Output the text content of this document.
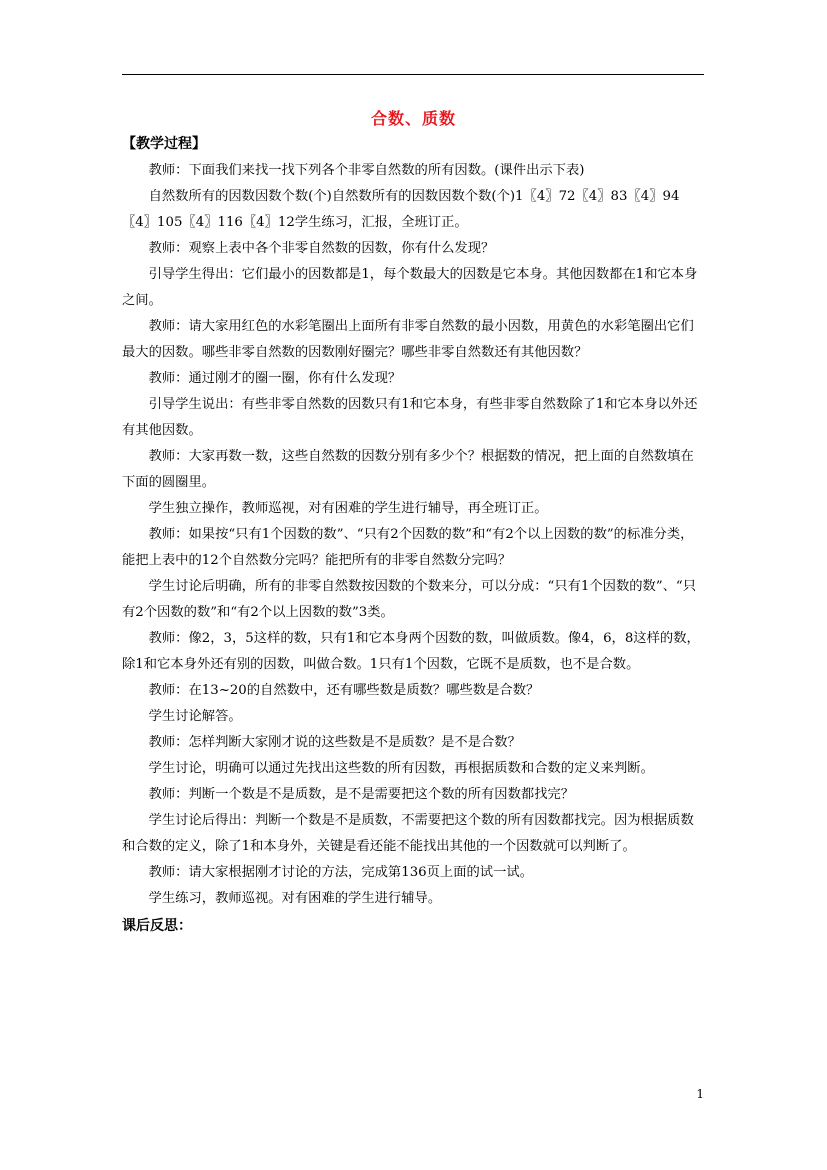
合数、质数
【教学过程】

教师：下面我们来找一找下列各个非零自然数的所有因数。(课件出示下表)

自然数所有的因数因数个数(个)自然数所有的因数因数个数(个)1〖4〗72〖4〗83〖4〗94〖4〗105〖4〗116〖4〗12学生练习，汇报，全班订正。

教师：观察上表中各个非零自然数的因数，你有什么发现？

引导学生得出：它们最小的因数都是1，每个数最大的因数是它本身。其他因数都在1和它本身之间。

教师：请大家用红色的水彩笔圈出上面所有非零自然数的最小因数，用黄色的水彩笔圈出它们最大的因数。哪些非零自然数的因数刚好圈完？哪些非零自然数还有其他因数？

教师：通过刚才的圈一圈，你有什么发现？

引导学生说出：有些非零自然数的因数只有1和它本身，有些非零自然数除了1和它本身以外还有其他因数。

教师：大家再数一数，这些自然数的因数分别有多少个？根据数的情况，把上面的自然数填在下面的圆圈里。

学生独立操作，教师巡视，对有困难的学生进行辅导，再全班订正。

教师：如果按“只有1个因数的数”、“只有2个因数的数”和“有2个以上因数的数”的标准分类，能把上表中的12个自然数分完吗？能把所有的非零自然数分完吗？

学生讨论后明确，所有的非零自然数按因数的个数来分，可以分成：“只有1个因数的数”、“只有2个因数的数”和“有2个以上因数的数”3类。

教师：像2，3，5这样的数，只有1和它本身两个因数的数，叫做质数。像4，6，8这样的数，除1和它本身外还有别的因数，叫做合数。1只有1个因数，它既不是质数，也不是合数。

教师：在13~20的自然数中，还有哪些数是质数？哪些数是合数？

学生讨论解答。

教师：怎样判断大家刚才说的这些数是不是质数？是不是合数？

学生讨论，明确可以通过先找出这些数的所有因数，再根据质数和合数的定义来判断。

教师：判断一个数是不是质数，是不是需要把这个数的所有因数都找完？

学生讨论后得出：判断一个数是不是质数，不需要把这个数的所有因数都找完。因为根据质数和合数的定义，除了1和本身外，关键是看还能不能找出其他的一个因数就可以判断了。

教师：请大家根据刚才讨论的方法，完成第136页上面的试一试。

学生练习，教师巡视。对有困难的学生进行辅导。

课后反思：
1
